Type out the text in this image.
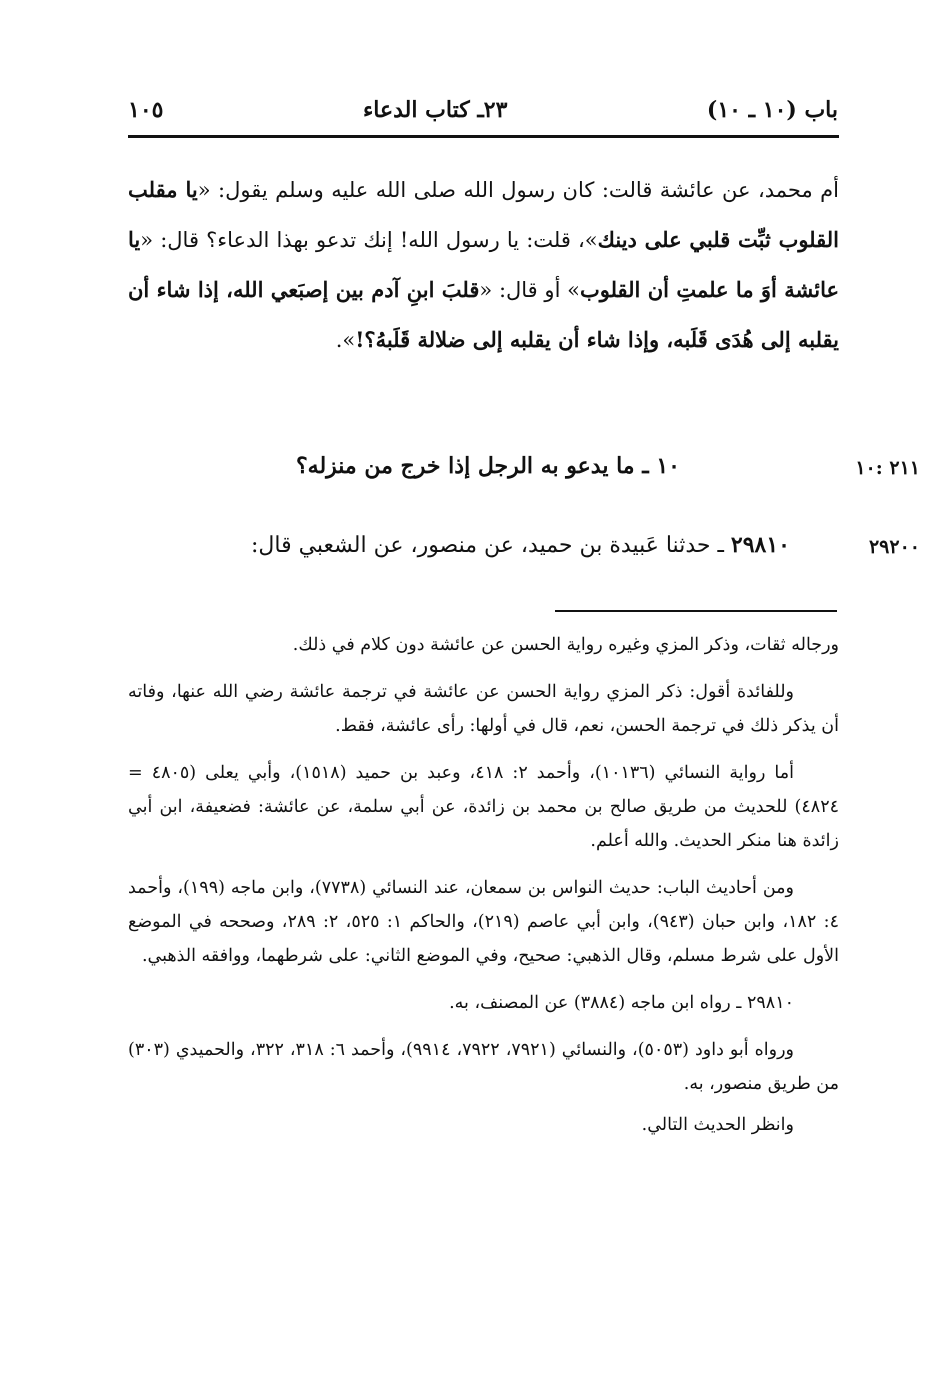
باب (١٠ ـ ١٠)
٢٣ـ كتاب الدعاء
١٠٥

أم محمد، عن عائشة قالت: كان رسول الله صلى الله عليه وسلم يقول: «يا مقلب القلوب ثبِّت قلبي على دينك»، قلت: يا رسول الله! إنك تدعو بهذا الدعاء؟ قال: «يا عائشة أوَ ما علمتِ أن القلوب» أو قال: «قلبَ ابنِ آدم بين إصبَعي الله، إذا شاء أن يقلبه إلى هُدَى قَلَبه، وإذا شاء أن يقلبه إلى ضلالة قَلَبهُ؟!».

١٠: ٢١١
١٠ ـ ما يدعو به الرجل إذا خرج من منزله؟
٢٩٢٠٠
٢٩٨١٠ ـ حدثنا عَبيدة بن حميد، عن منصور، عن الشعبي قال:

ورجاله ثقات، وذكر المزي وغيره رواية الحسن عن عائشة دون كلام في ذلك.

وللفائدة أقول: ذكر المزي رواية الحسن عن عائشة في ترجمة عائشة رضي الله عنها، وفاته أن يذكر ذلك في ترجمة الحسن، نعم، قال في أولها: رأى عائشة، فقط.

أما رواية النسائي (١٠١٣٦)، وأحمد ٢: ٤١٨، وعبد بن حميد (١٥١٨)، وأبي يعلى (٤٨٠٥ = ٤٨٢٤) للحديث من طريق صالح بن محمد بن زائدة، عن أبي سلمة، عن عائشة: فضعيفة، ابن أبي زائدة هنا منكر الحديث. والله أعلم.

ومن أحاديث الباب: حديث النواس بن سمعان، عند النسائي (٧٧٣٨)، وابن ماجه (١٩٩)، وأحمد ٤: ١٨٢، وابن حبان (٩٤٣)، وابن أبي عاصم (٢١٩)، والحاكم ١: ٥٢٥، ٢: ٢٨٩، وصححه في الموضع الأول على شرط مسلم، وقال الذهبي: صحيح، وفي الموضع الثاني: على شرطهما، ووافقه الذهبي.

٢٩٨١٠ ـ رواه ابن ماجه (٣٨٨٤) عن المصنف، به.

ورواه أبو داود (٥٠٥٣)، والنسائي (٧٩٢١، ٧٩٢٢، ٩٩١٤)، وأحمد ٦: ٣١٨، ٣٢٢، والحميدي (٣٠٣) من طريق منصور، به.

وانظر الحديث التالي.
